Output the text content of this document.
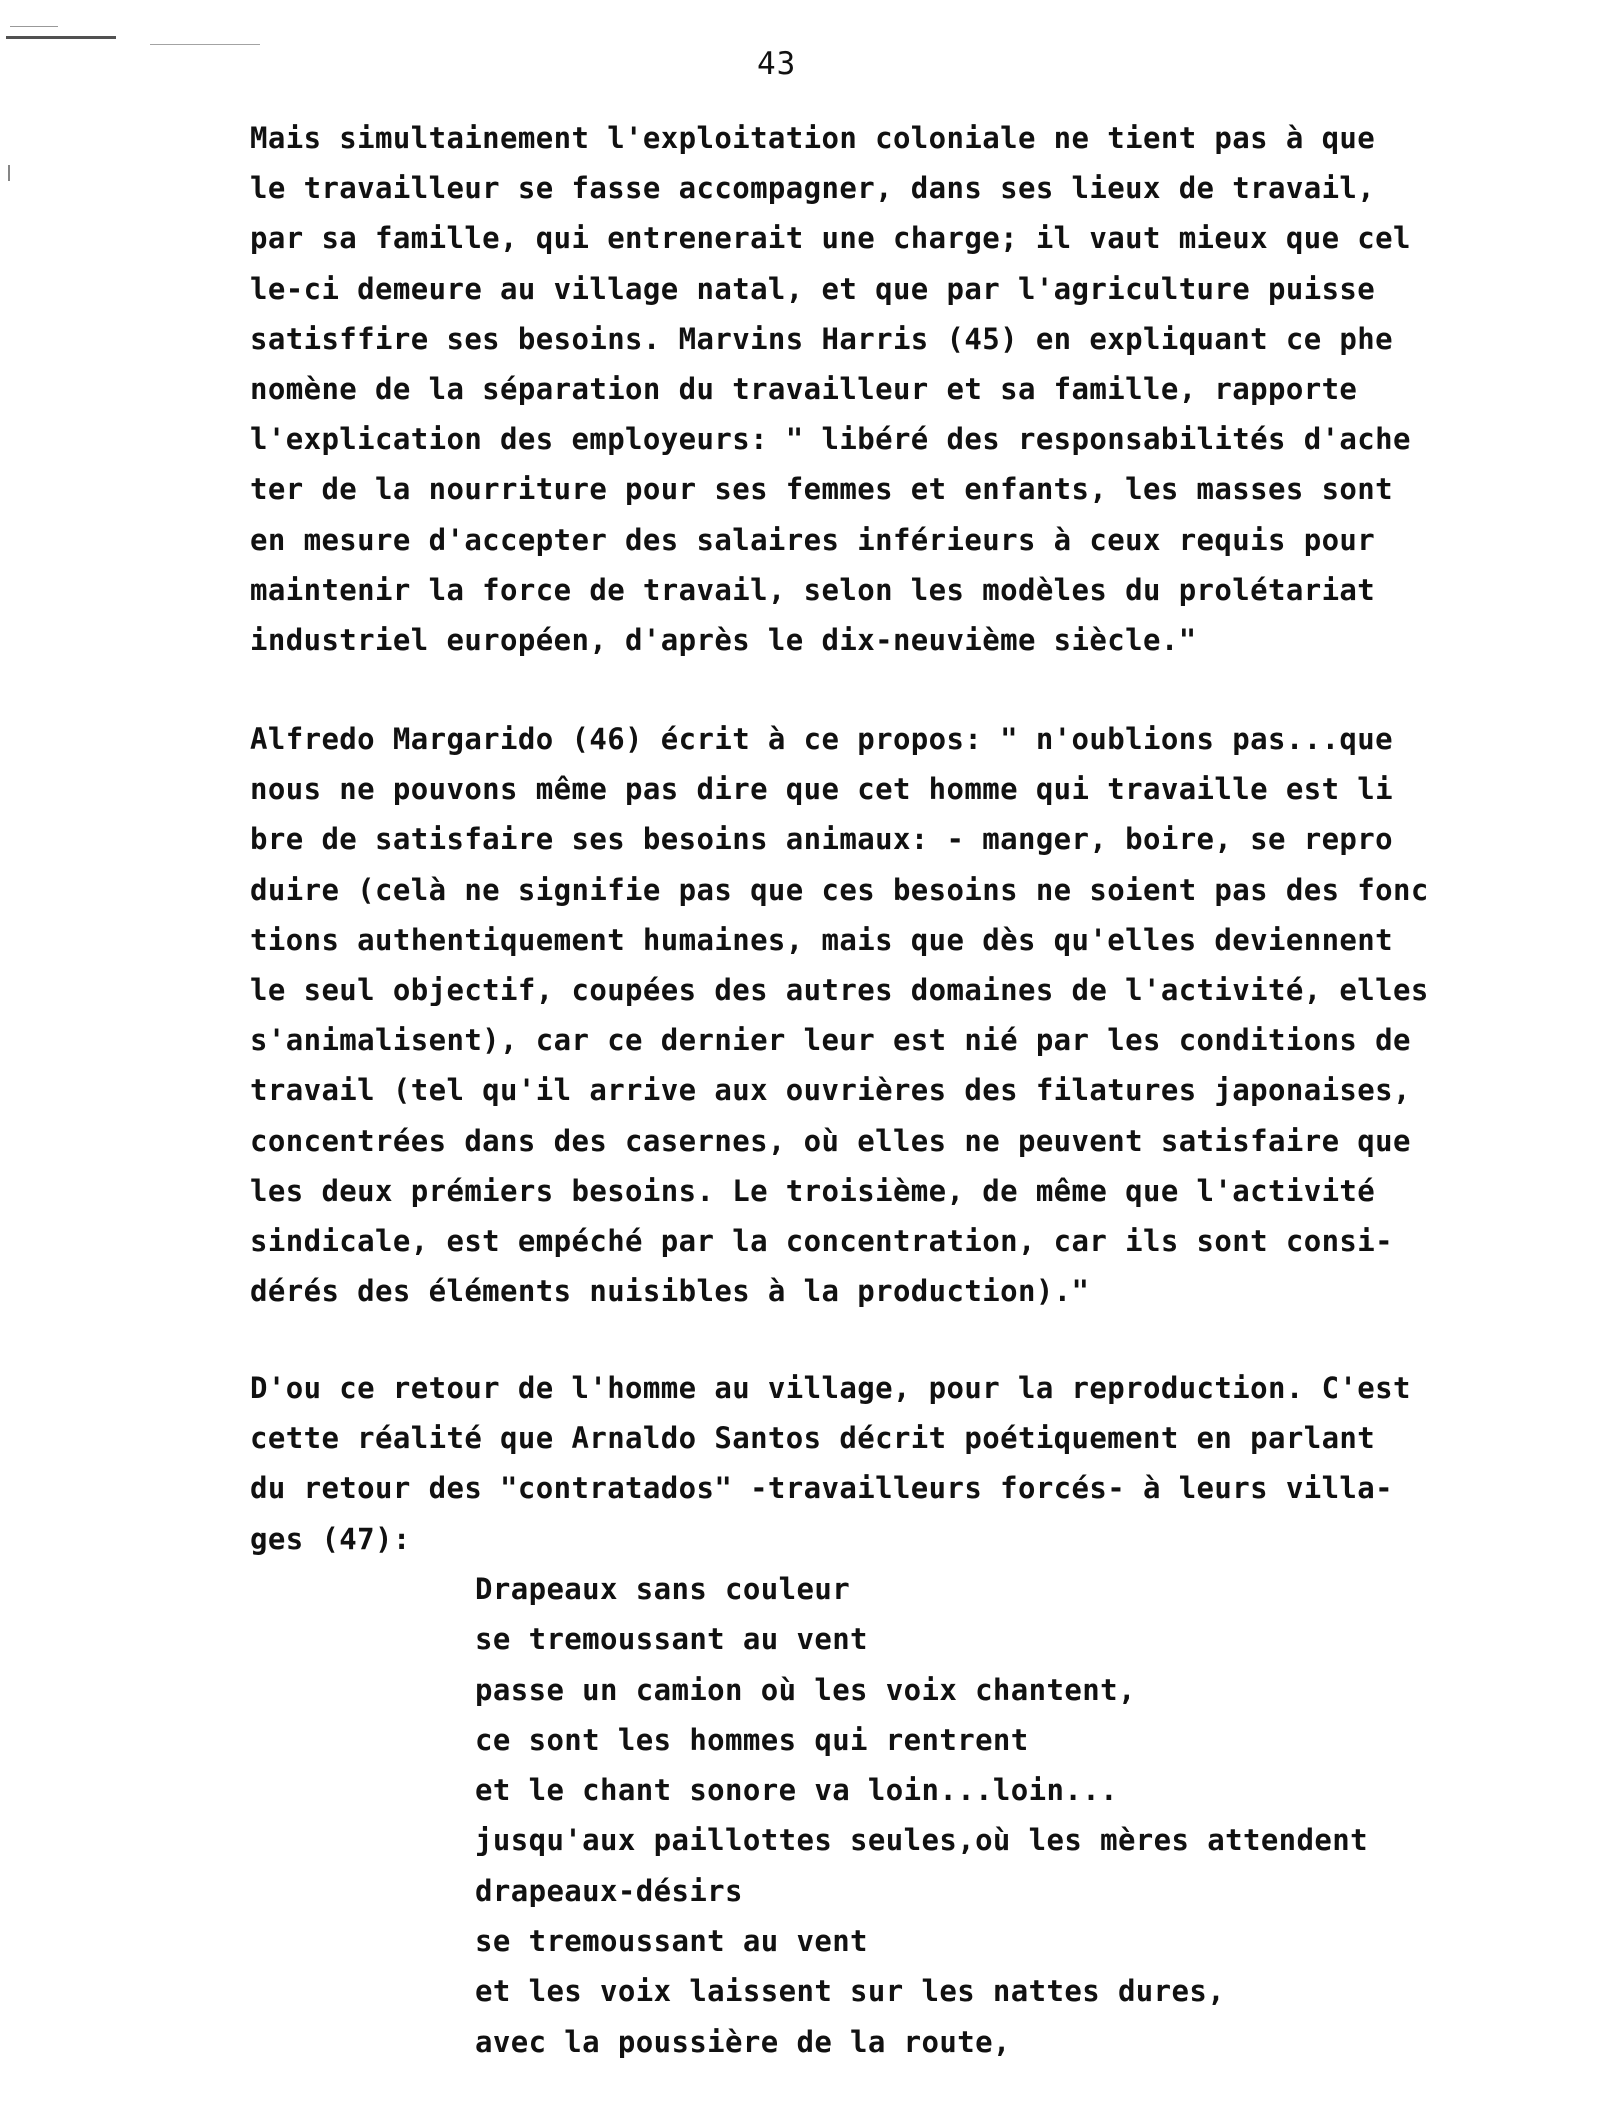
43
Mais simultainement l'exploitation coloniale ne tient pas à que
le travailleur se fasse accompagner, dans ses lieux de travail,
par sa famille, qui entrenerait une charge; il vaut mieux que cel
le-ci demeure au village natal, et que par l'agriculture puisse
satisffire ses besoins. Marvins Harris (45) en expliquant ce phe
nomène de la séparation du travailleur et sa famille, rapporte
l'explication des employeurs: " libéré des responsabilités d'ache
ter de la nourriture pour ses femmes et enfants, les masses sont
en mesure d'accepter des salaires inférieurs à ceux requis pour
maintenir la force de travail, selon les modèles du prolétariat
industriel européen, d'après le dix-neuvième siècle."
Alfredo Margarido (46) écrit à ce propos: " n'oublions pas...que
nous ne pouvons même pas dire que cet homme qui travaille est li
bre de satisfaire ses besoins animaux: - manger, boire, se repro
duire (celà ne signifie pas que ces besoins ne soient pas des fonc
tions authentiquement humaines, mais que dès qu'elles deviennent
le seul objectif, coupées des autres domaines de l'activité, elles
s'animalisent), car ce dernier leur est nié par les conditions de
travail (tel qu'il arrive aux ouvrières des filatures japonaises,
concentrées dans des casernes, où elles ne peuvent satisfaire que
les deux prémiers besoins. Le troisième, de même que l'activité
sindicale, est empéché par la concentration, car ils sont consi-
dérés des éléments nuisibles à la production)."
D'ou ce retour de l'homme au village, pour la reproduction. C'est
cette réalité que Arnaldo Santos décrit poétiquement en parlant
du retour des "contratados" -travailleurs forcés- à leurs villa-
ges (47):
Drapeaux sans couleur
se tremoussant au vent
passe un camion où les voix chantent,
ce sont les hommes qui rentrent
et le chant sonore va loin...loin...
jusqu'aux paillottes seules,où les mères attendent
drapeaux-désirs
se tremoussant au vent
et les voix laissent sur les nattes dures,
avec la poussière de la route,
